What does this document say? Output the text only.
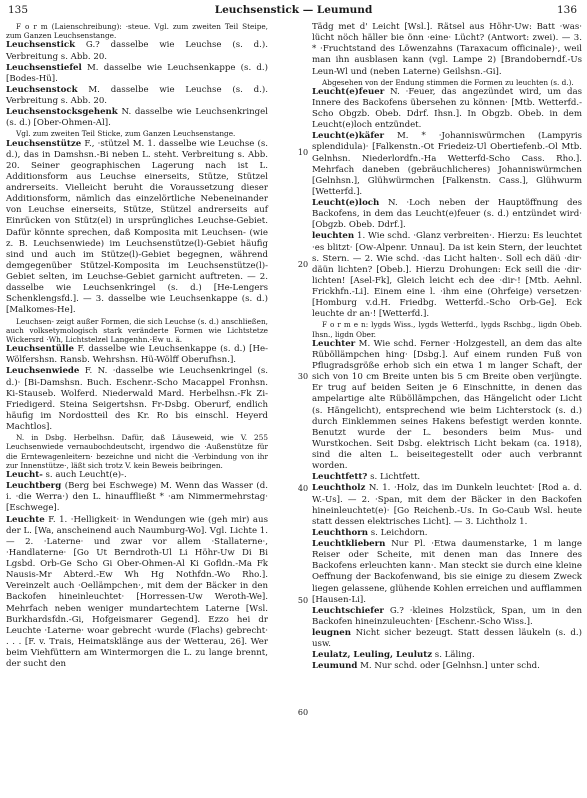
135	Leuchsenstick — Leumund	136

F o r m (Laienschreibung): ·steue. Vgl. zum zweiten Teil Steipe, zum Ganzen Leuchsenstange.

Leuchsenstick G.? dasselbe wie Leuchse (s. d.). Verbreitung s. Abb. 20.

Leuchsenstiefel M. dasselbe wie Leuchsenkappe (s. d.) [Bodes-Hü].

Leuchsenstock M. dasselbe wie Leuchse (s. d.). Verbreitung s. Abb. 20.

Leuchsenstocksgehenk N. dasselbe wie Leuchsenkringel (s. d.) [Ober-Ohmen-Al].

Vgl. zum zweiten Teil Sticke, zum Ganzen Leuchsenstange.

Leuchsenstütze F., ·stützel M. 1. dasselbe wie Leuchse (s. d.), das in Damshsn.-Bi neben L. steht. Verbreitung s. Abb. 20. Seiner geographischen Lagerung nach ist L. Additionsform aus Leuchse einerseits, Stütze, Stützel andrerseits. Vielleicht beruht die Voraussetzung dieser Additionsform, nämlich das einzelörtliche Nebeneinander von Leuchse einerseits, Stütze, Stützel andrerseits auf Einrücken von Stütz(el) in ursprüngliches Leuchse-Gebiet. Dafür könnte sprechen, daß Komposita mit Leuchsen- (wie z. B. Leuchsenwiede) im Leuchsenstütze(l)-Gebiet häufig sind und auch im Stütze(l)-Gebiet begegnen, während demgegenüber Stützel-Komposita im Leuchsenstütze(l)-Gebiet selten, im Leuchse-Gebiet garnicht auftreten. — 2. dasselbe wie Leuchsenkringel (s. d.) [He-Lengers Schenklengsfd.]. — 3. dasselbe wie Leuchsenkappe (s. d.) [Malkomes-He].

Leuchsen- zeigt außer Formen, die sich Leuchse (s. d.) anschließen, auch volksetymologisch stark veränderte Formen wie Lichtstetze Wickersrd ·Wh, Lichtstelzel Langenhn.-Ew u. ä.

Leuchsentülle F. dasselbe wie Leuchsenkappe (s. d.) [He-Wölfershsn. Ransb. Wehrshsn. Hü-Wölff Oberufhsn.].

Leuchsenwiede F. N. ·dasselbe wie Leuchsenkringel (s. d.)· [Bi-Damshsn. Buch. Eschenr.-Scho Macappel Fronhsn. Ki-Stauseb. Wolferd. Niederwald Mard. Herbelhsn.-Fk Zi-Friedigerd. Steina Seigertshsn. Fr-Dsbg. Oberurf, endlich häufig im Nordostteil des Kr. Ro bis einschl. Heyerd Machtlos].

N. in Dsbg. Herbelhsn. Dafür, daß Läuseweid, wie V. 255 Leuchsenwiede vernaubochdeutscht, irgendwo die ·Außenstütze für die Erntewagenleitern· bezeichne und nicht die ·Verbindung von ihr zur Innenstütze·, läßt sich trotz V. kein Beweis beibringen.

Leucht- s. auch Leucht(e)-.

Leuchtberg (Berg bei Eschwege) M. Wenn das Wasser (d. i. ·die Werra·) den L. hinauffließt * ·am Nimmermehrstag· [Eschwege].

Leuchte F. 1. ·Helligkeit· in Wendungen wie (geh mir) aus der L. [Wa, anscheinend auch Naumburg-Wo]. Vgl. Lichte 1. — 2. ·Laterne· und zwar vor allem ·Stallaterne·, ·Handlaterne· [Go Ut Berndroth-Ul Li Höhr-Uw Di Bi Lgsbd. Orb-Ge Scho Gi Ober-Ohmen-Al Ki Gofldn.-Ma Fk Nausis-Mr Abterd.-Ew Wh Hg Nothfdn.-Wo Rho.]. Vereinzelt auch ·Oellämpchen·, mit dem der Bäcker in den Backofen hineinleuchtet· [Horressen-Uw Weroth-We]. Mehrfach neben weniger mundartechtem Laterne [Wsl. Burkhardsfdn.-Gi, Hofgeismarer Gegend]. Ezzo hei dr Leuchte ·Laterne· woar gebrecht ·wurde (Flachs) gebrecht· . . . [F. v. Trais, Heimatsklänge aus der Wetterau, 26]. Wer beim Viehfüttern am Wintermorgen die L. zu lange brennt, der sucht den

10
20
30
40
50
60

Tädg met d' Leicht [Wsl.]. Rätsel aus Höhr-Uw: Batt ·was· lücht nöch häller bie önn ·eine· Lücht? (Antwort: zwei). — 3. * ·Fruchtstand des Löwenzahns (Taraxacum officinale)·, weil man ihn ausblasen kann (vgl. Lampe 2) [Brandoberndf.-Us Leun-Wl und (neben Laterne) Geilshsn.-Gi].

Abgesehen von der Endung stimmen die Formen zu leuchten (s. d.).

Leucht(e)feuer N. ·Feuer, das angezündet wird, um das Innere des Backofens übersehen zu können· [Mtb. Wetterfd.-Scho Obgzb. Obeb. Ddrf. Ihsn.]. In Obgzb. Obeb. in dem Leucht(e)loch entzündet.

Leucht(e)käfer M. * ·Johanniswürmchen (Lampyris splendidula)· [Falkenstn.-Ot Friedeiz-Ul Obertiefenb.-Ol Mtb. Gelnhsn. Niederlordfn.-Ha Wetterfd-Scho Cass. Rho.]. Mehrfach daneben (gebräuchlicheres) Johanniswürmchen [Gelnhsn.], Glühwürmchen [Falkenstn. Cass.], Glühwurm [Wetterfd.].

Leucht(e)loch N. ·Loch neben der Hauptöffnung des Backofens, in dem das Leucht(e)feuer (s. d.) entzündet wird· [Obgzb. Obeb. Ddrf.].

leuchten 1. Wie schd. ·Glanz verbreiten·. Hierzu: Es leuchtet ·es blitzt· [Ow-Alpenr. Unnau]. Da ist kein Stern, der leuchtet s. Stern. — 2. Wie schd. ·das Licht halten·. Soll ech däü ·dir· däün lichten? [Obeb.]. Hierzu Drohungen: Eck seill die ·dir· lichten! [Asel-Fk], Gleich leicht ech dee ·dir·! [Mtb. Aehnl. Frickhfn.-Li]. Einem eine l. ·ihm eine (Ohrfeige) versetzen· [Homburg v.d.H. Friedbg. Wetterfd.-Scho Orb-Ge]. Eck leuchte dr an·! [Wetterfd.].

F o r m e n: lygds Wiss., lygds Wetterfd., lygds Rschbg., ligdn Obeb. Ihsn., ligdn Ober.

Leuchter M. Wie schd. Ferner ·Holzgestell, an dem das alte Rüböllämpchen hing· [Dsbg.]. Auf einem runden Fuß von Pflugradsgröße erhob sich ein etwa 1 m langer Schaft, der sich von 10 cm Breite unten bis 5 cm Breite oben verjüngte. Er trug auf beiden Seiten je 6 Einschnitte, in denen das ampelartige alte Rüböllämpchen, das Hängelicht oder Licht (s. Hängelicht), entsprechend wie beim Lichterstock (s. d.) durch Einklemmen seines Hakens befestigt werden konnte. Benutzt wurde der L. besonders beim Mus- und Wurstkochen. Seit Dsbg. elektrisch Licht bekam (ca. 1918), sind die alten L. beiseitegestellt oder auch verbrannt worden.

Leuchtfett? s. Lichtfett.

Leuchtholz N. 1. ·Holz, das im Dunkeln leuchtet· [Rod a. d. W.-Us]. — 2. ·Span, mit dem der Bäcker in den Backofen hineinleuchtet(e)· [Go Reichenb.-Us. In Go-Caub Wsl. heute statt dessen elektrisches Licht]. — 3. Lichtholz 1.

Leuchthorn s. Leichdorn.

Leuchtkliebern Nur Pl. ·Etwa daumenstarke, 1 m lange Reiser oder Scheite, mit denen man das Innere des Backofens erleuchten kann·. Man steckt sie durch eine kleine Oeffnung der Backofenwand, bis sie einige zu diesem Zweck liegen gelassene, glühende Kohlen erreichen und aufflammen [Hausen-Li].

Leuchtschiefer G.? ·kleines Holzstück, Span, um in den Backofen hineinzuleuchten· [Eschenr.-Scho Wiss.].

leugnen Nicht sicher bezeugt. Statt dessen läukeln (s. d.) usw.

Leulatz, Leuling, Leulutz s. Läling.

Leumund M. Nur schd. oder [Gelnhsn.] unter schd.
